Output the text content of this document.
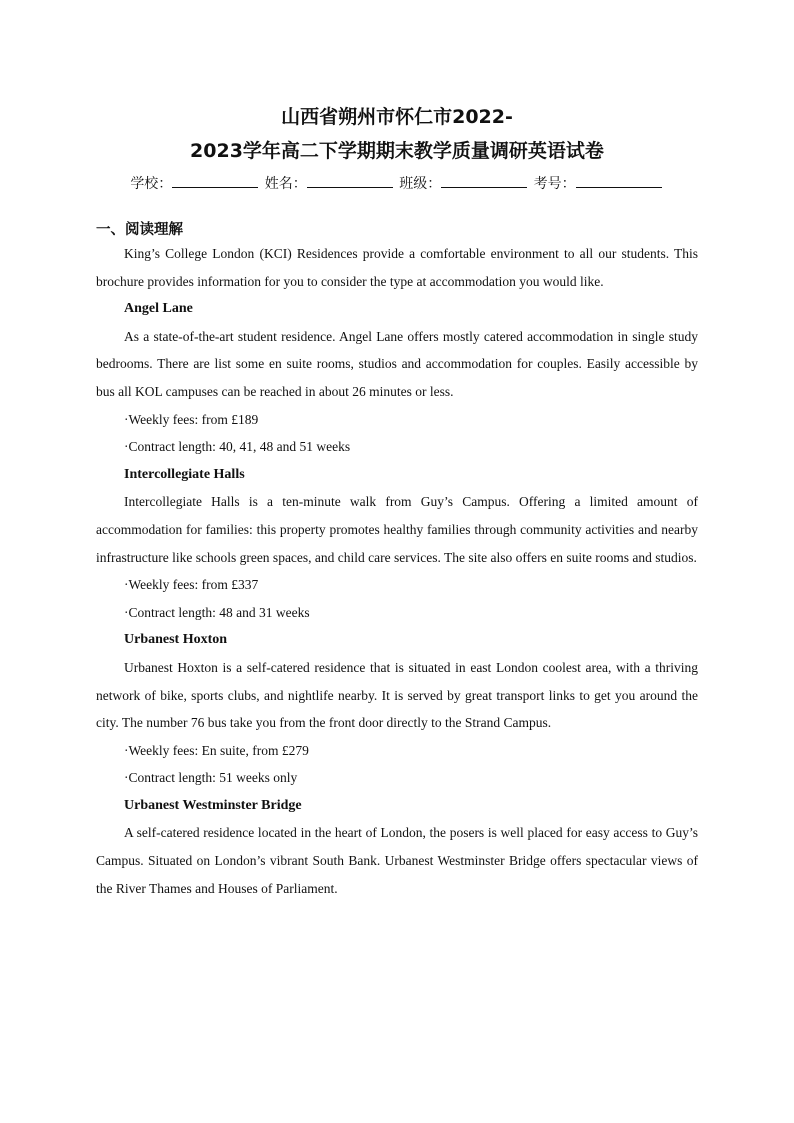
山西省朔州市怀仁市2022-
2023学年高二下学期期末教学质量调研英语试卷
学校：	姓名：	班级：	考号：
一、阅读理解

King’s College London (KCI) Residences provide a comfortable environment to all our students. This brochure provides information for you to consider the type at accommodation you would like.

Angel Lane

As a state-of-the-art student residence. Angel Lane offers mostly catered accommodation in single study bedrooms. There are list some en suite rooms, studios and accommodation for couples. Easily accessible by bus all KOL campuses can be reached in about 26 minutes or less.

·Weekly fees: from £189
·Contract length: 40, 41, 48 and 51 weeks
Intercollegiate Halls

Intercollegiate Halls is a ten-minute walk from Guy’s Campus. Offering a limited amount of accommodation for families: this property promotes healthy families through community activities and nearby infrastructure like schools green spaces, and child care services. The site also offers en suite rooms and studios.

·Weekly fees: from £337
·Contract length: 48 and 31 weeks
Urbanest Hoxton

Urbanest Hoxton is a self-catered residence that is situated in east London coolest area, with a thriving network of bike, sports clubs, and nightlife nearby. It is served by great transport links to get you around the city. The number 76 bus take you from the front door directly to the Strand Campus.

·Weekly fees: En suite, from £279
·Contract length: 51 weeks only
Urbanest Westminster Bridge

A self-catered residence located in the heart of London, the posers is well placed for easy access to Guy’s Campus. Situated on London’s vibrant South Bank. Urbanest Westminster Bridge offers spectacular views of the River Thames and Houses of Parliament.
